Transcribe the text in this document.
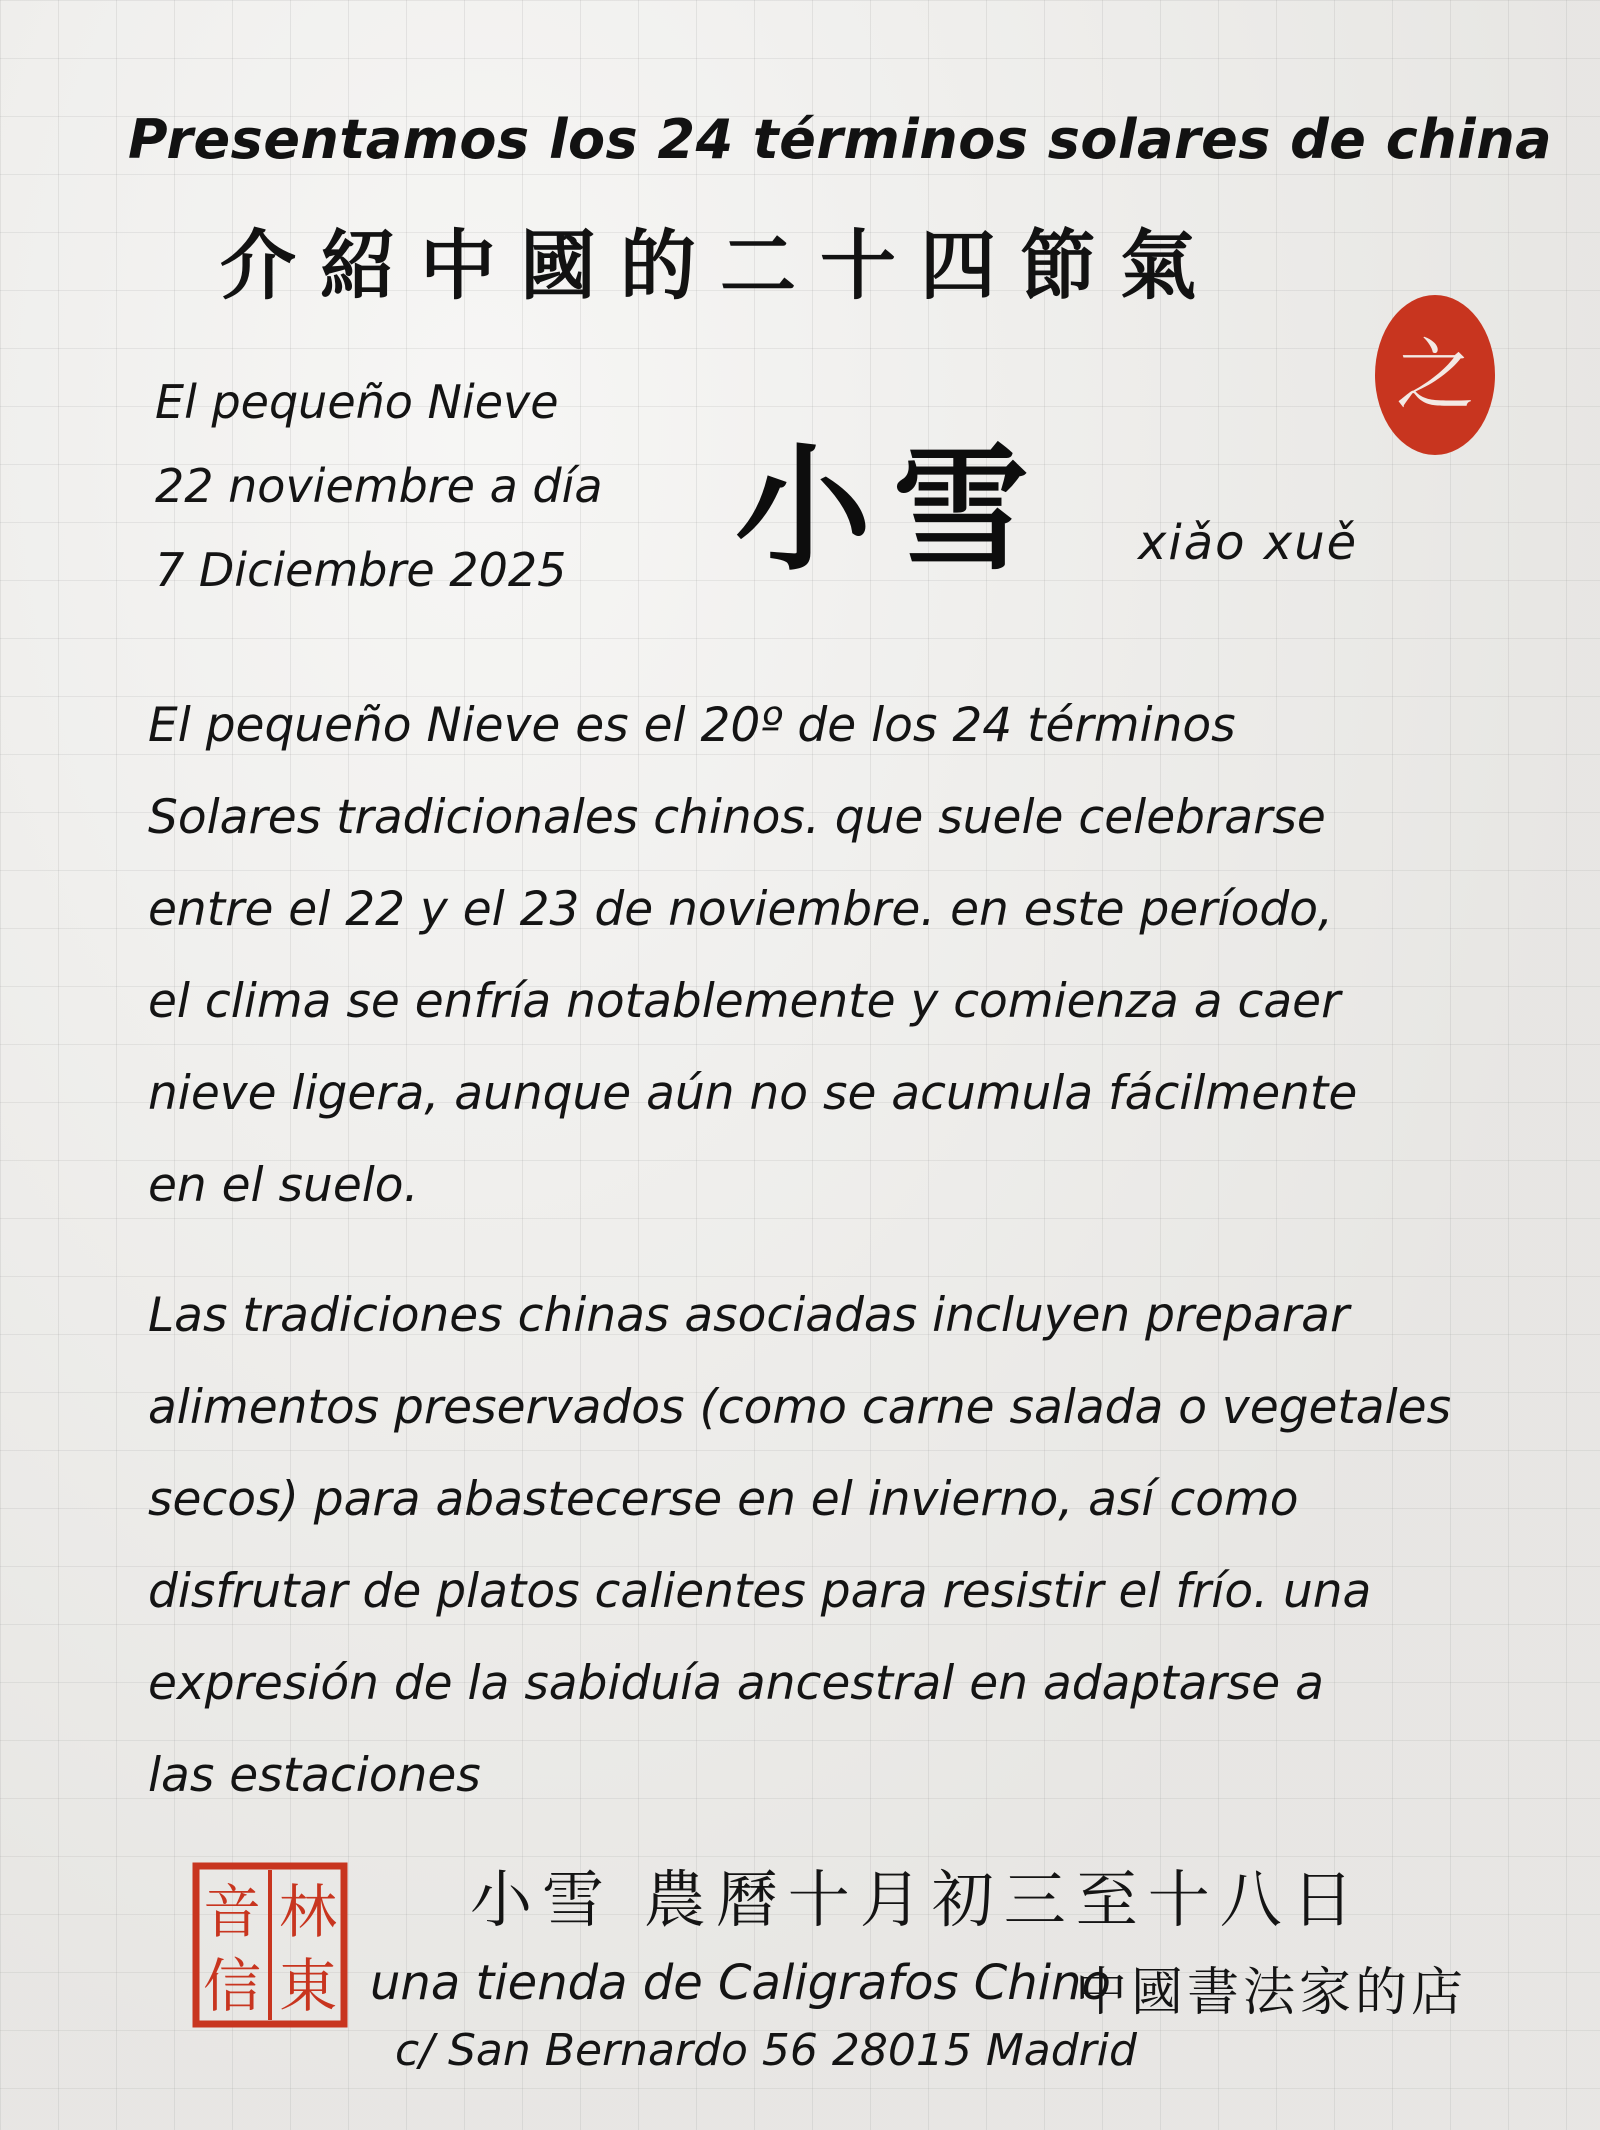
Presentamos los 24 términos solares de china
介紹中國的二十四節氣
El pequeño Nieve
22 noviembre a día
7 Diciembre 2025 小雪 xiǎo xuě
之
El pequeño Nieve es el 20º de los 24 términos
Solares tradicionales chinos. que suele celebrarse
entre el 22 y el 23 de noviembre. en este período,
el clima se enfría notablemente y comienza a caer
nieve ligera, aunque aún no se acumula fácilmente
en el suelo.
Las tradiciones chinas asociadas incluyen preparar
alimentos preservados (como carne salada o vegetales
secos) para abastecerse en el invierno, así como
disfrutar de platos calientes para resistir el frío. una
expresión de la sabiduía ancestral en adaptarse a
las estaciones
林
東
音
信
小雪 農曆十月初三至十八日
una tienda de Caligrafos Chino
中國書法家的店
c/ San Bernardo 56 28015 Madrid
